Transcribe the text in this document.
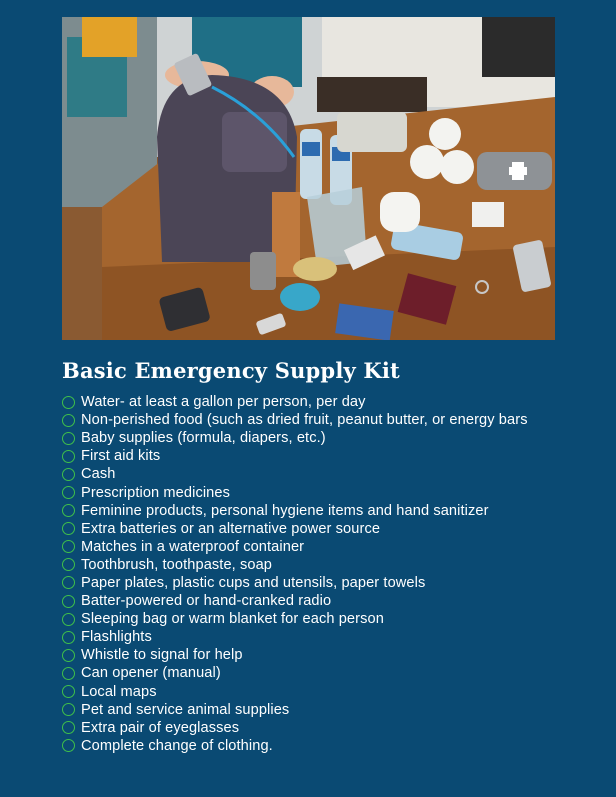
Basic Emergency Supply Kit
Water- at least a gallon per person, per day
Non-perished food (such as dried fruit, peanut butter, or energy bars
Baby supplies (formula, diapers, etc.)
First aid kits
Cash
Prescription medicines
Feminine products, personal hygiene items and hand sanitizer
Extra batteries or an alternative power source
Matches in a waterproof container
Toothbrush, toothpaste, soap
Paper plates, plastic cups and utensils, paper towels
Batter-powered or hand-cranked radio
Sleeping bag or warm blanket for each person
Flashlights
Whistle to signal for help
Can opener (manual)
Local maps
Pet and service animal supplies
Extra pair of eyeglasses
Complete change of clothing.
